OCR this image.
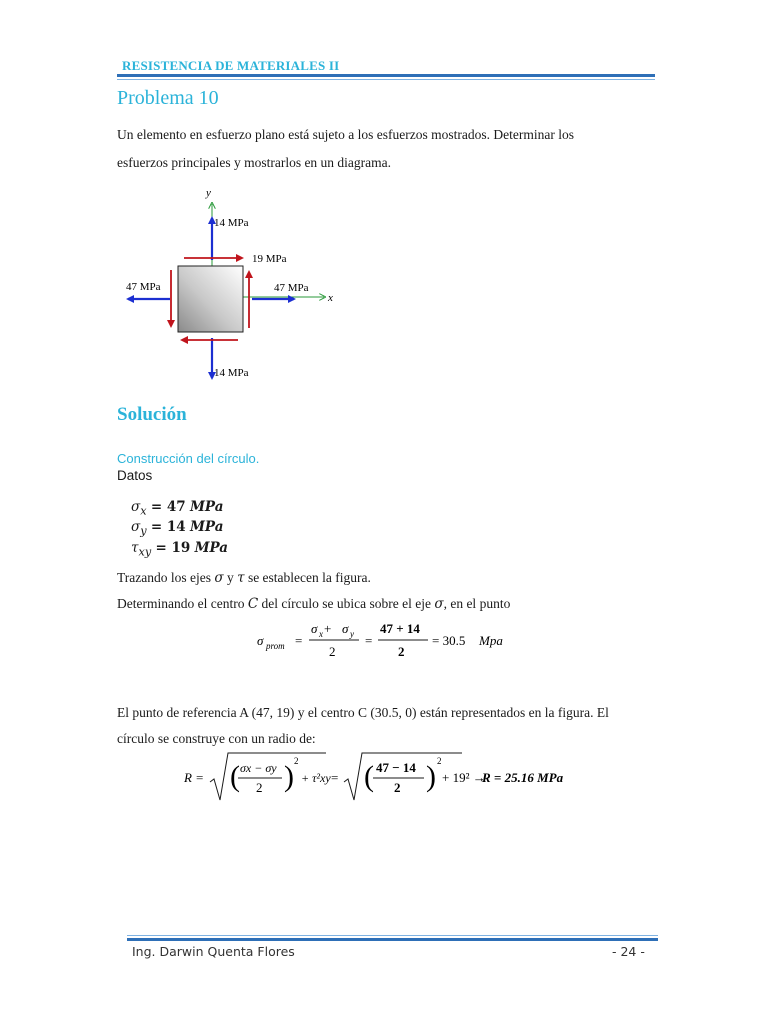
RESISTENCIA DE MATERIALES II
Problema 10
Un elemento en esfuerzo plano está sujeto a los esfuerzos mostrados. Determinar los
esfuerzos principales y mostrarlos en un diagrama.
y
x
14 MPa
14 MPa
47 MPa	47 MPa
19 MPa
Solución
Construcción del círculo.
Datos
$\sigma_x = 47$ MPa
$\sigma_y = 14$ MPa
$\tau_{xy} = 19$ MPa
Trazando los ejes σ y τ se establecen la figura.
Determinando el centro C del círculo se ubica sobre el eje σ, en el punto
σ prom =
σ x + σ y
2
=
47 + 14
2
= 30.5 Mpa
El punto de referencia A (47, 19) y el centro C (30.5, 0) están representados en la figura. El
círculo se construye con un radio de:
R = ( σx − σy
2 ) 2
+ τ²xy = ( 47 − 14
2 ) 2
+ 19² →
R = 25.16 MPa
Ing. Darwin Quenta Flores	- 24 -
